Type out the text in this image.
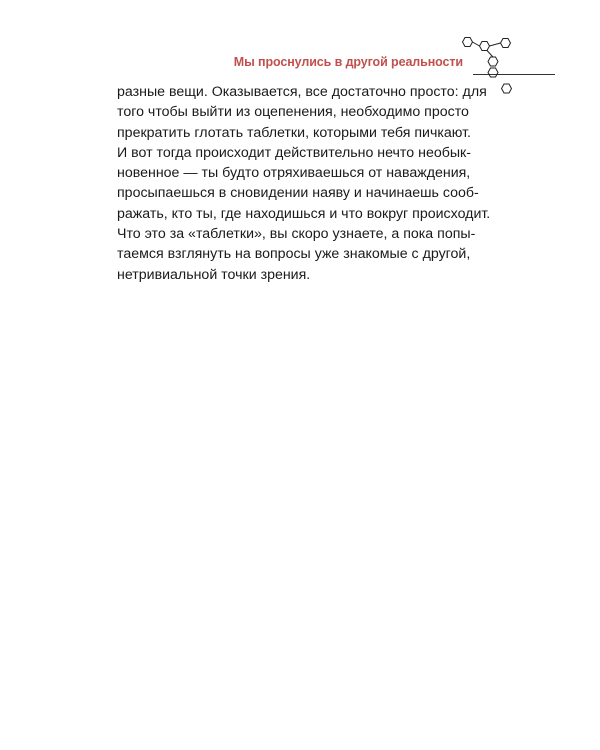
Мы проснулись в другой реальности
разные вещи. Оказывается, все достаточно просто: для
того чтобы выйти из оцепенения, необходимо просто
прекратить глотать таблетки, которыми тебя пичкают.
И вот тогда происходит действительно нечто необык-
новенное — ты будто отряхиваешься от наваждения,
просыпаешься в сновидении наяву и начинаешь сооб-
ражать, кто ты, где находишься и что вокруг происходит.
Что это за «таблетки», вы скоро узнаете, а пока попы-
таемся взглянуть на вопросы уже знакомые с другой,
нетривиальной точки зрения.
